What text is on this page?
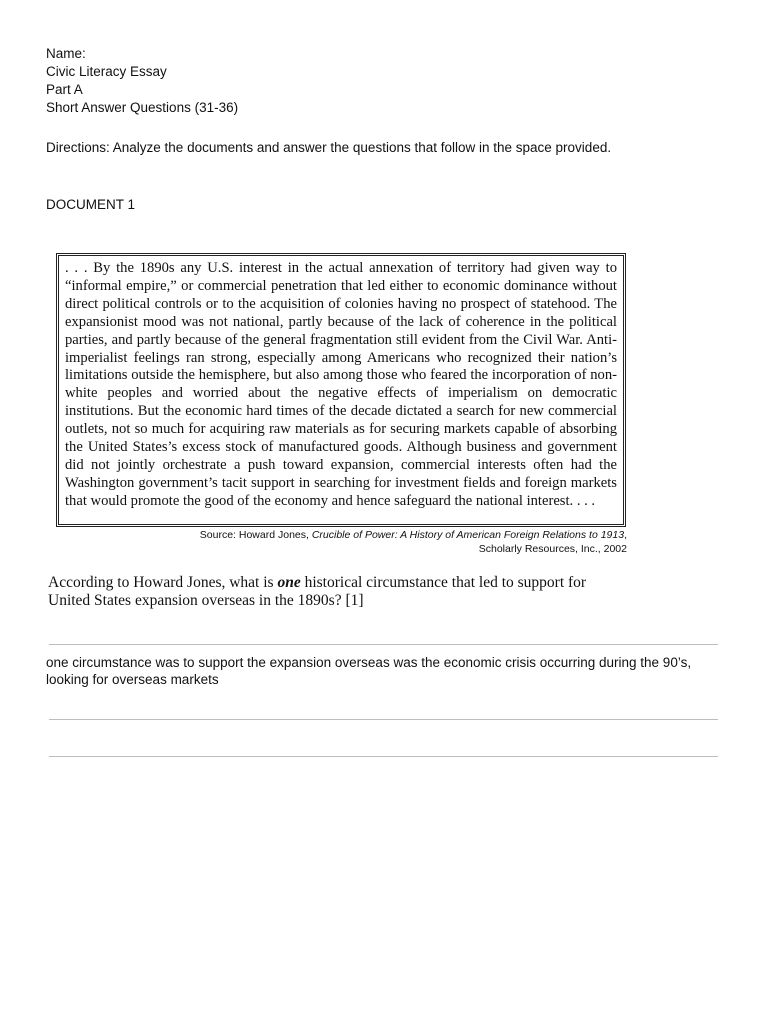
Name:
Civic Literacy Essay
Part A
Short Answer Questions (31-36)
Directions: Analyze the documents and answer the questions that follow in the space provided.
DOCUMENT 1
. . . By the 1890s any U.S. interest in the actual annexation of territory had given way to “informal empire,” or commercial penetration that led either to economic dominance without direct political controls or to the acquisition of colonies having no prospect of statehood. The expansionist mood was not national, partly because of the lack of coherence in the political parties, and partly because of the general fragmentation still evident from the Civil War. Anti-imperialist feelings ran strong, especially among Americans who recognized their nation’s limitations outside the hemisphere, but also among those who feared the incorporation of non-white peoples and worried about the negative effects of imperialism on democratic institutions. But the economic hard times of the decade dictated a search for new commercial outlets, not so much for acquiring raw materials as for securing markets capable of absorbing the United States’s excess stock of manufactured goods. Although business and government did not jointly orchestrate a push toward expansion, commercial interests often had the Washington government’s tacit support in searching for investment fields and foreign markets that would promote the good of the economy and hence safeguard the national interest. . . .
Source: Howard Jones, Crucible of Power: A History of American Foreign Relations to 1913,
Scholarly Resources, Inc., 2002
According to Howard Jones, what is one historical circumstance that led to support for
United States expansion overseas in the 1890s? [1]
one circumstance was to support the expansion overseas was the economic crisis occurring during the 90’s, looking for overseas markets
